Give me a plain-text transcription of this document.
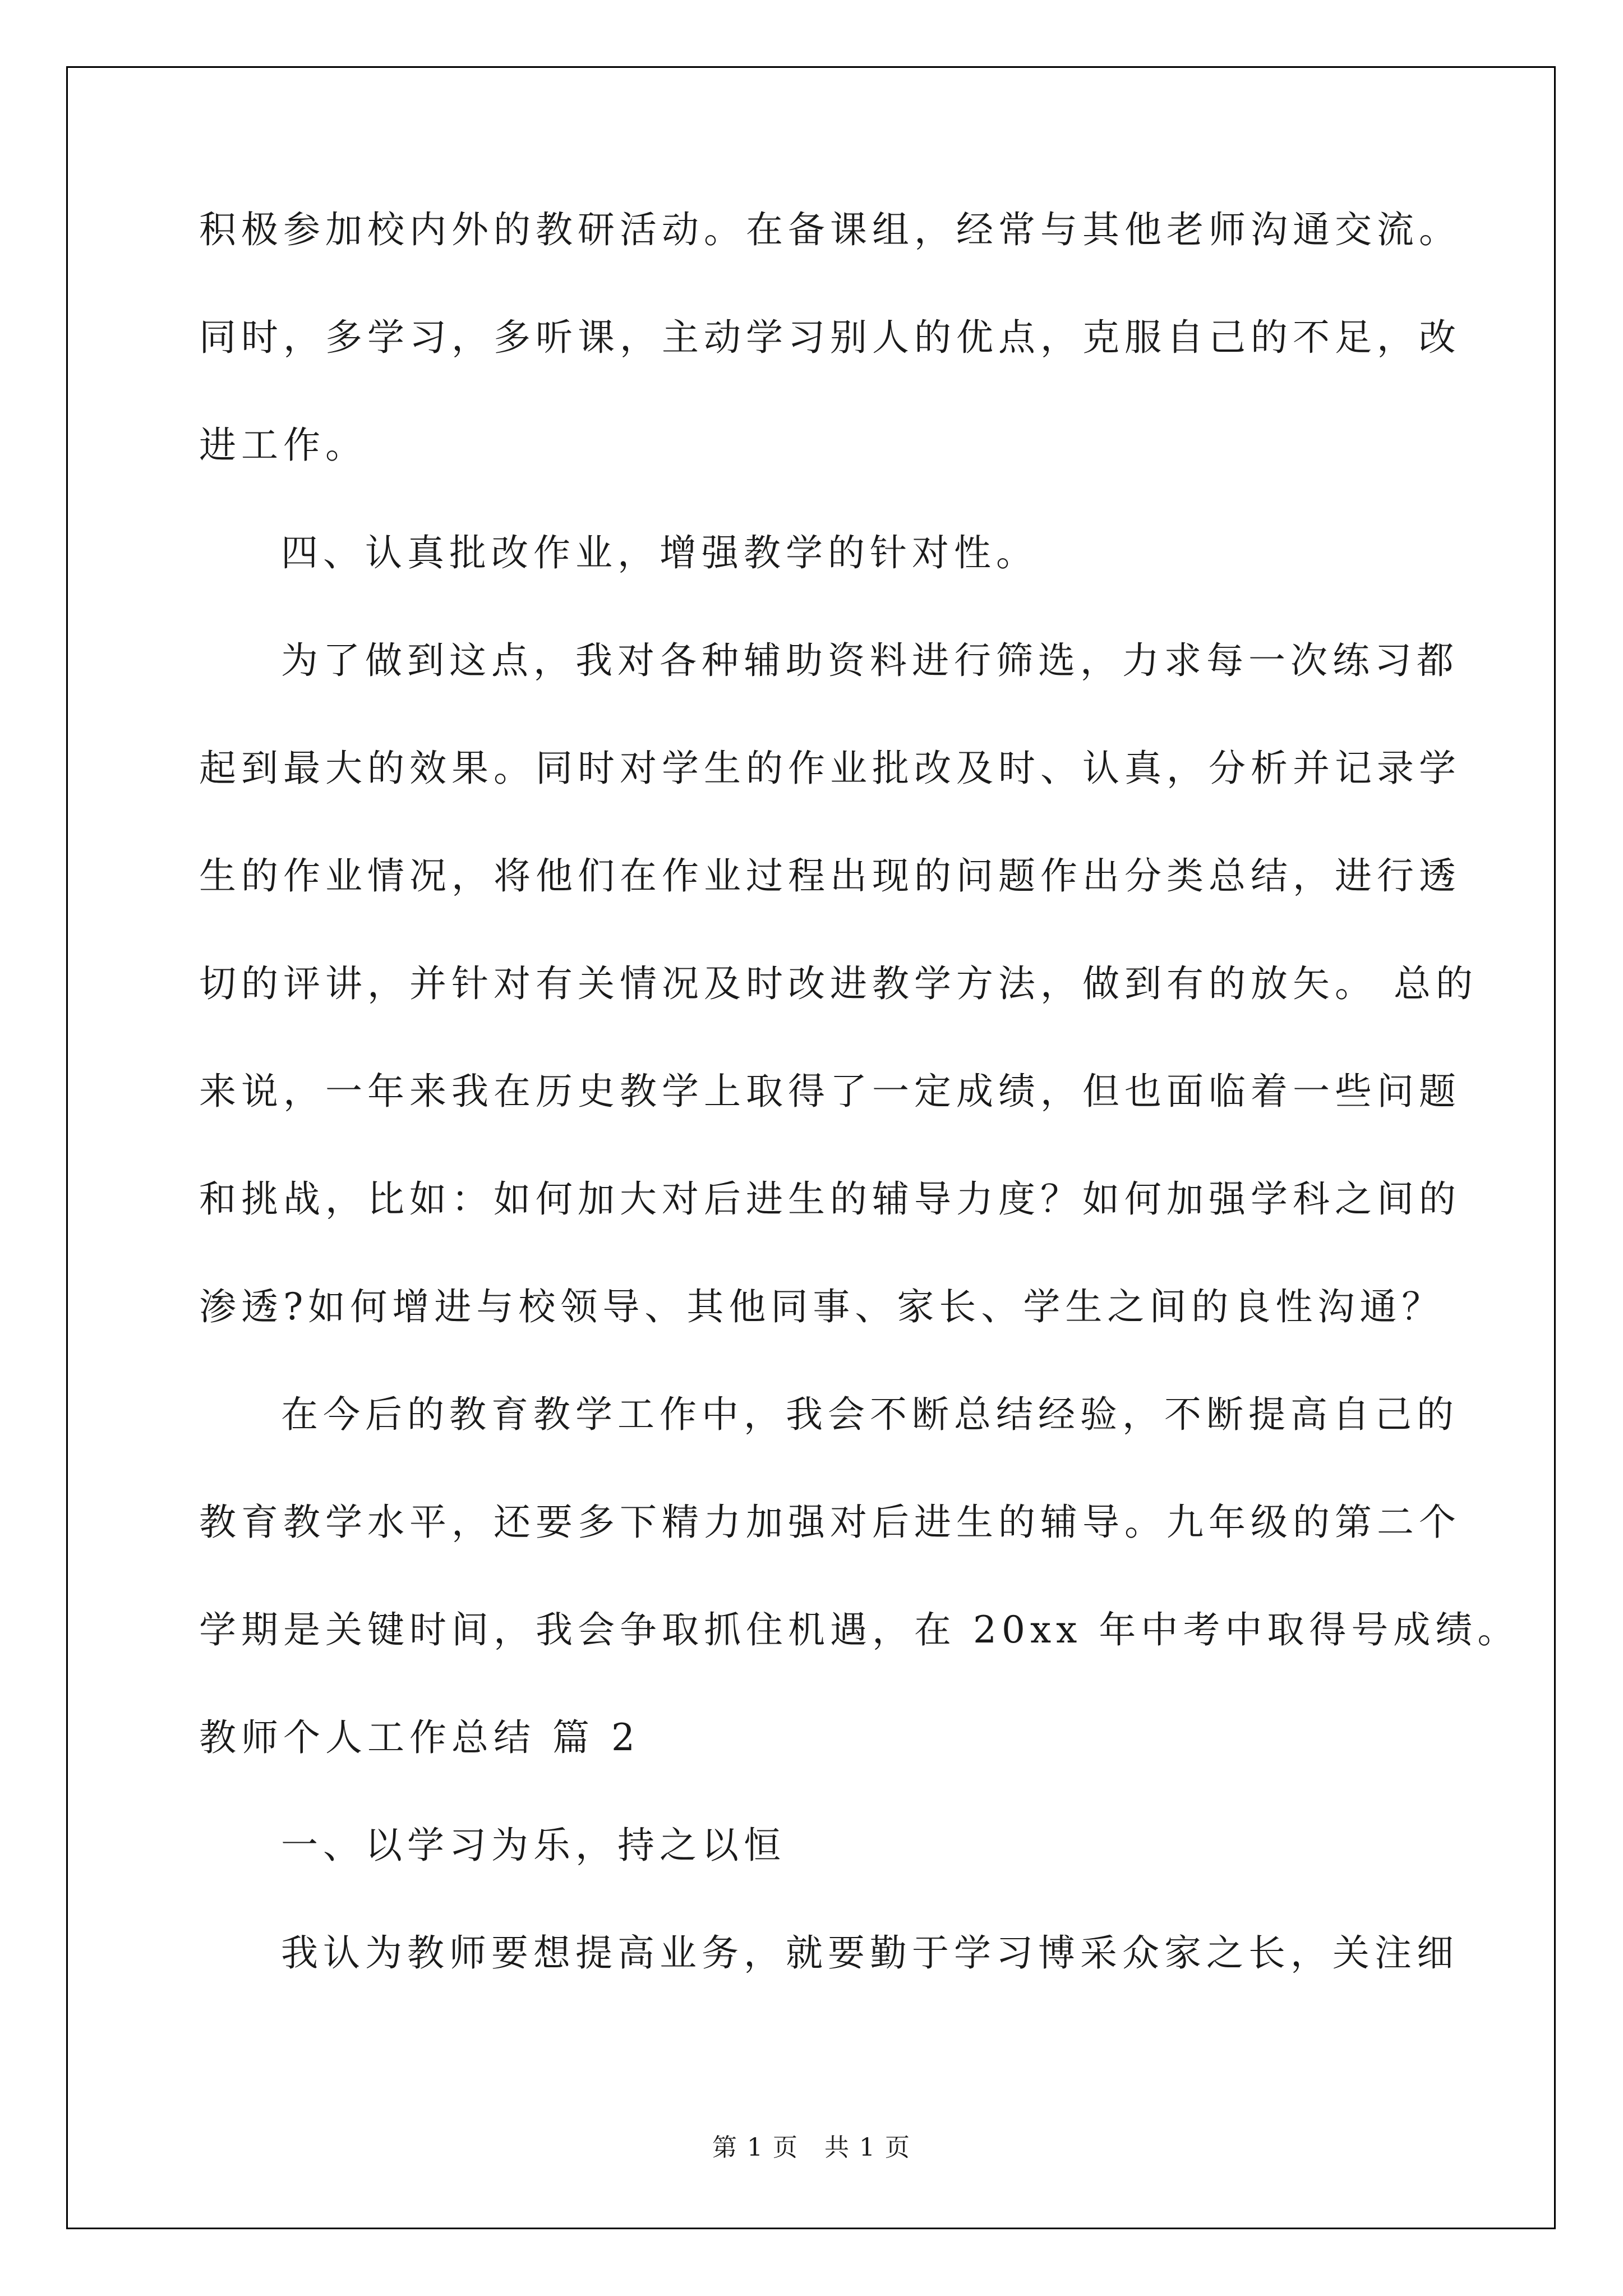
积极参加校内外的教研活动。在备课组，经常与其他老师沟通交流。
同时，多学习，多听课，主动学习别人的优点，克服自己的不足，改
进工作。
四、认真批改作业，增强教学的针对性。
为了做到这点，我对各种辅助资料进行筛选，力求每一次练习都
起到最大的效果。同时对学生的作业批改及时、认真，分析并记录学
生的作业情况，将他们在作业过程出现的问题作出分类总结，进行透
切的评讲，并针对有关情况及时改进教学方法，做到有的放矢。 总的
来说，一年来我在历史教学上取得了一定成绩，但也面临着一些问题
和挑战，比如：如何加大对后进生的辅导力度？如何加强学科之间的
渗透?如何增进与校领导、其他同事、家长、学生之间的良性沟通？
在今后的教育教学工作中，我会不断总结经验，不断提高自己的
教育教学水平，还要多下精力加强对后进生的辅导。九年级的第二个
学期是关键时间，我会争取抓住机遇，在 20xx 年中考中取得号成绩。
教师个人工作总结 篇 2
一、以学习为乐，持之以恒
我认为教师要想提高业务，就要勤于学习博采众家之长，关注细
第 1 页　共 1 页
